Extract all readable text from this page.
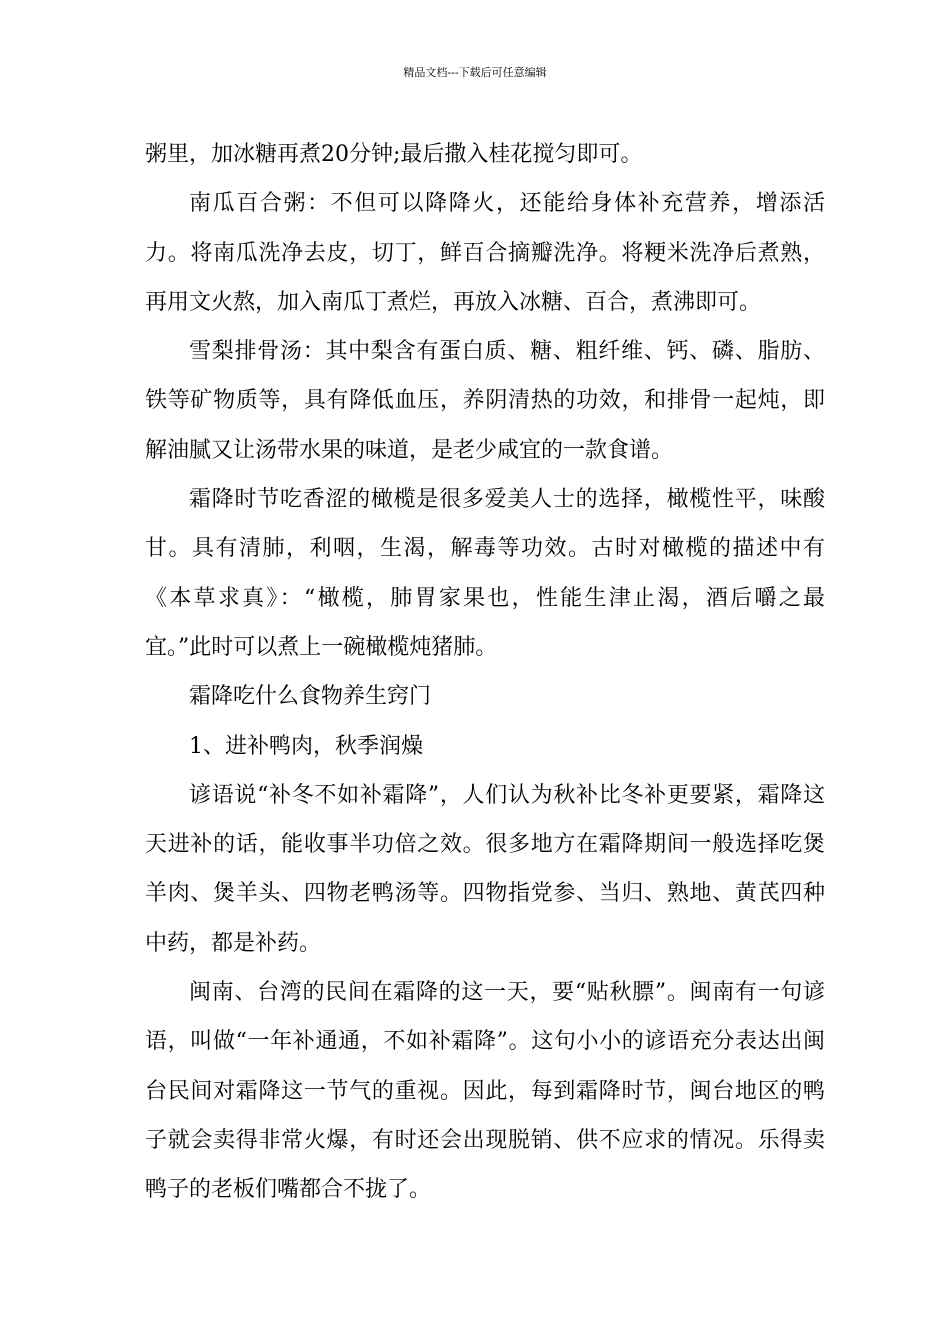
精品文档---下载后可任意编辑

粥里，加冰糖再煮20分钟;最后撒入桂花搅匀即可。

南瓜百合粥：不但可以降降火，还能给身体补充营养，增添活力。将南瓜洗净去皮，切丁，鲜百合摘瓣洗净。将粳米洗净后煮熟，再用文火熬，加入南瓜丁煮烂，再放入冰糖、百合，煮沸即可。

雪梨排骨汤：其中梨含有蛋白质、糖、粗纤维、钙、磷、脂肪、铁等矿物质等，具有降低血压，养阴清热的功效，和排骨一起炖，即解油腻又让汤带水果的味道，是老少咸宜的一款食谱。

霜降时节吃香涩的橄榄是很多爱美人士的选择，橄榄性平，味酸甘。具有清肺，利咽，生渴，解毒等功效。古时对橄榄的描述中有《本草求真》：“橄榄，肺胃家果也，性能生津止渴，酒后嚼之最宜。”此时可以煮上一碗橄榄炖猪肺。

霜降吃什么食物养生窍门

1、进补鸭肉，秋季润燥

谚语说“补冬不如补霜降”，人们认为秋补比冬补更要紧，霜降这天进补的话，能收事半功倍之效。很多地方在霜降期间一般选择吃煲羊肉、煲羊头、四物老鸭汤等。四物指党参、当归、熟地、黄芪四种中药，都是补药。

闽南、台湾的民间在霜降的这一天，要“贴秋膘”。闽南有一句谚语，叫做“一年补通通，不如补霜降”。这句小小的谚语充分表达出闽台民间对霜降这一节气的重视。因此，每到霜降时节，闽台地区的鸭子就会卖得非常火爆，有时还会出现脱销、供不应求的情况。乐得卖鸭子的老板们嘴都合不拢了。
